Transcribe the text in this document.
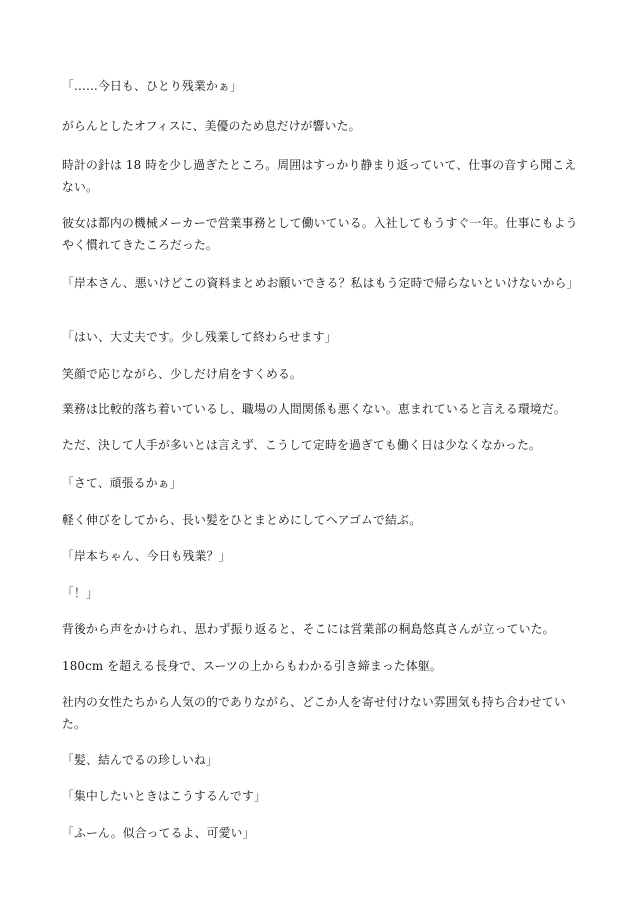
「……今日も、ひとり残業かぁ」

がらんとしたオフィスに、美優のため息だけが響いた。

時計の針は 18 時を少し過ぎたところ。周囲はすっかり静まり返っていて、仕事の音すら聞こえない。

彼女は都内の機械メーカーで営業事務として働いている。入社してもうすぐ一年。仕事にもようやく慣れてきたころだった。

「岸本さん、悪いけどこの資料まとめお願いできる？私はもう定時で帰らないといけないから」

「はい、大丈夫です。少し残業して終わらせます」

笑顔で応じながら、少しだけ肩をすくめる。

業務は比較的落ち着いているし、職場の人間関係も悪くない。恵まれていると言える環境だ。

ただ、決して人手が多いとは言えず、こうして定時を過ぎても働く日は少なくなかった。

「さて、頑張るかぁ」

軽く伸びをしてから、長い髪をひとまとめにしてヘアゴムで結ぶ。

「岸本ちゃん、今日も残業？」

「！」

背後から声をかけられ、思わず振り返ると、そこには営業部の桐島悠真さんが立っていた。

180cm を超える長身で、スーツの上からもわかる引き締まった体躯。

社内の女性たちから人気の的でありながら、どこか人を寄せ付けない雰囲気も持ち合わせていた。

「髪、結んでるの珍しいね」

「集中したいときはこうするんです」

「ふーん。似合ってるよ、可愛い」
